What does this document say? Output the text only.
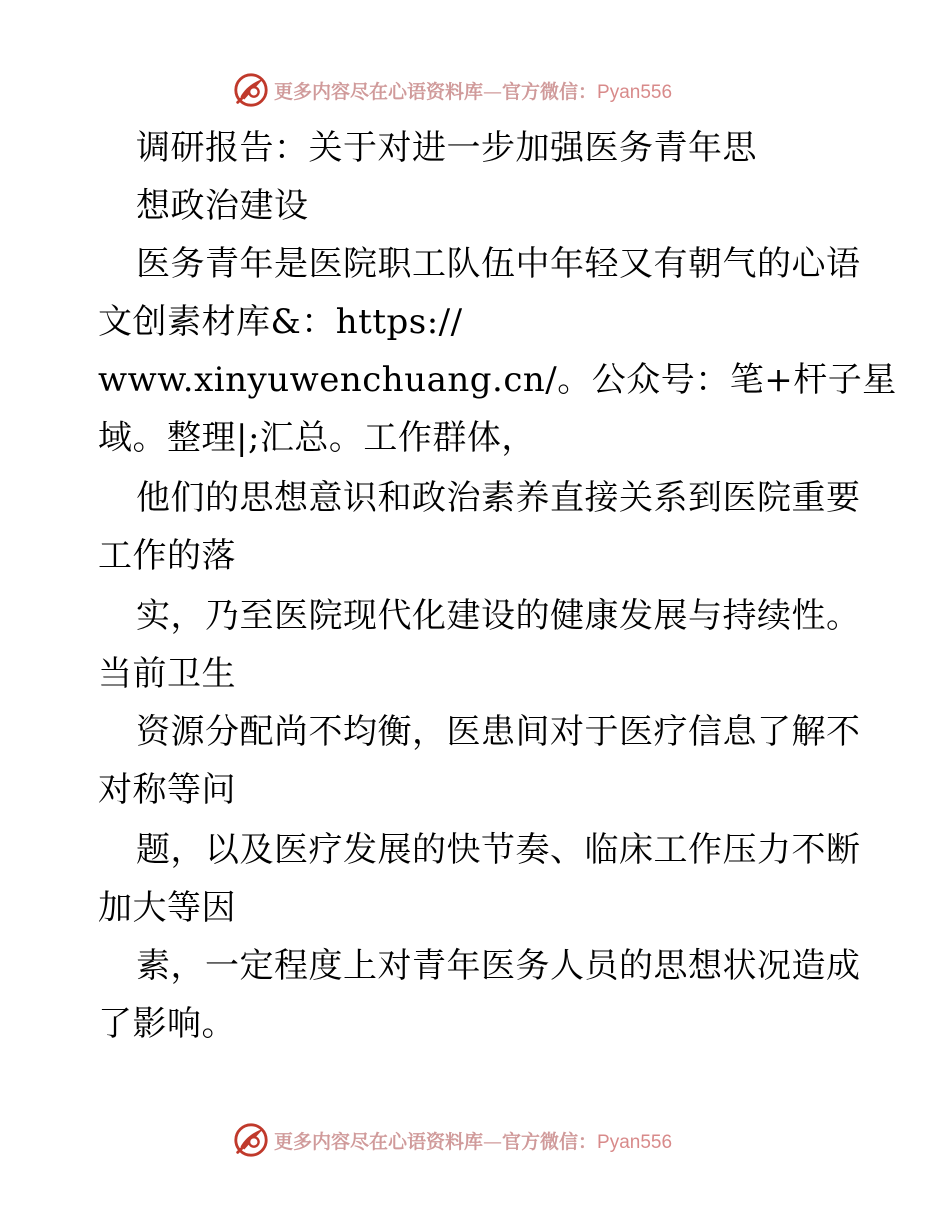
更多内容尽在心语资料库—官方微信：Pyan556
调研报告：关于对进一步加强医务青年思
想政治建设
医务青年是医院职工队伍中年轻又有朝气的心语
文创素材库&：https://
www.xinyuwenchuang.cn/。公众号：笔+杆子星
域。整理|;汇总。工作群体，
他们的思想意识和政治素养直接关系到医院重要
工作的落
实，乃至医院现代化建设的健康发展与持续性。
当前卫生
资源分配尚不均衡，医患间对于医疗信息了解不
对称等问
题，以及医疗发展的快节奏、临床工作压力不断
加大等因
素，一定程度上对青年医务人员的思想状况造成
了影响。
更多内容尽在心语资料库—官方微信：Pyan556
